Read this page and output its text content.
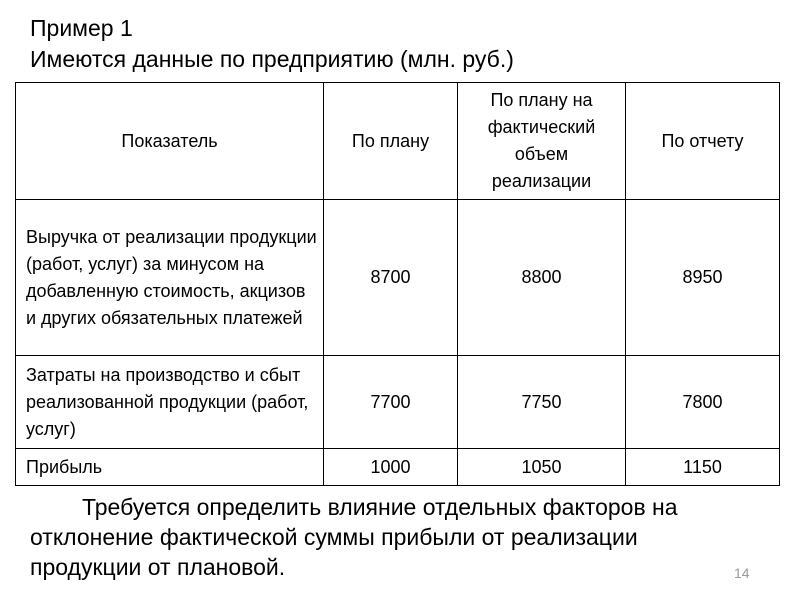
Пример 1
Имеются данные по предприятию (млн. руб.)
Показатель	По плану	По плану на фактический объем реализации	По отчету
Выручка от реализации продукции (работ, услуг) за минусом на добавленную стоимость, акцизов и других обязательных платежей	8700	8800	8950
Затраты на производство и сбыт реализованной продукции (работ, услуг)	7700	7750	7800
Прибыль	1000	1050	1150
Требуется определить влияние отдельных факторов на
отклонение фактической суммы прибыли от реализации
продукции от плановой.	14
